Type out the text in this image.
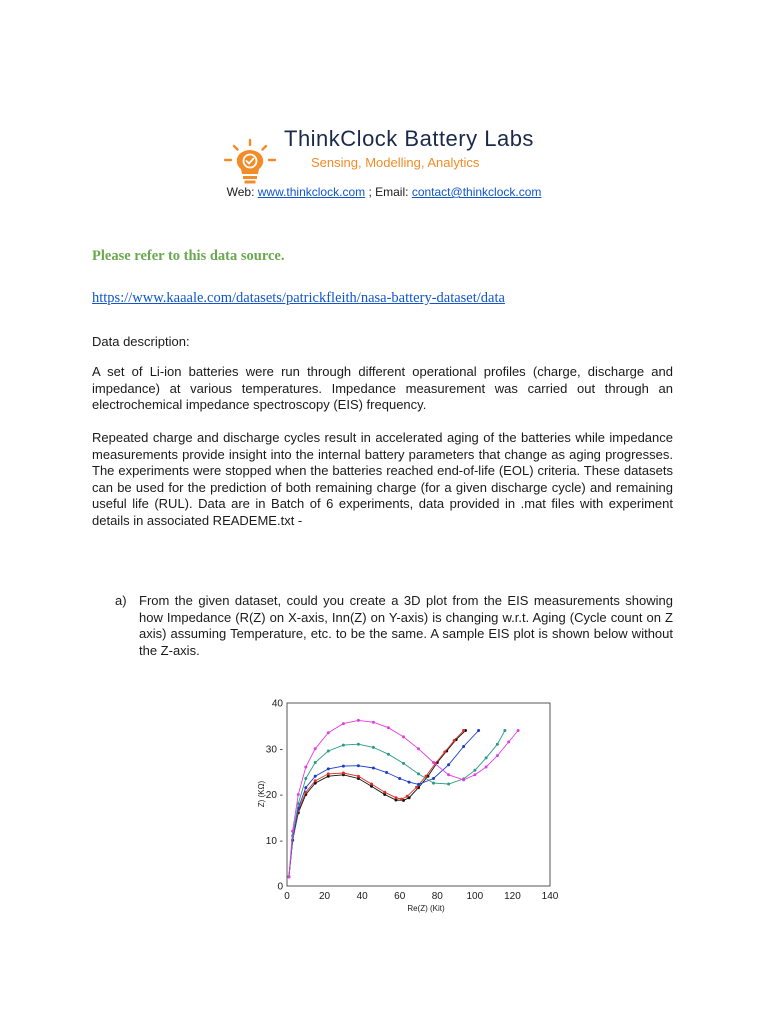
ThinkClock Battery Labs
Sensing, Modelling, Analytics
Web: www.thinkclock.com ; Email: contact@thinkclock.com
Please refer to this data source.
https://www.kaaale.com/datasets/patrickfleith/nasa-battery-dataset/data
Data description:
A set of Li-ion batteries were run through different operational profiles (charge, discharge and impedance) at various temperatures. Impedance measurement was carried out through an electrochemical impedance spectroscopy (EIS) frequency.
Repeated charge and discharge cycles result in accelerated aging of the batteries while impedance measurements provide insight into the internal battery parameters that change as aging progresses. The experiments were stopped when the batteries reached end-of-life (EOL) criteria. These datasets can be used for the prediction of both remaining charge (for a given discharge cycle) and remaining useful life (RUL). Data are in Batch of 6 experiments, data provided in .mat files with experiment details in associated READEME.txt -
a) From the given dataset, could you create a 3D plot from the EIS measurements showing how Impedance (R(Z) on X-axis, Inn(Z) on Y-axis) is changing w.r.t. Aging (Cycle count on Z axis) assuming Temperature, etc. to be the same. A sample EIS plot is shown below without the Z-axis.
0	20	40	60	80 100 120 140
0
10 -
20 -
30 -
40
Re(Z) (Kit)
Z) (KΩ)
